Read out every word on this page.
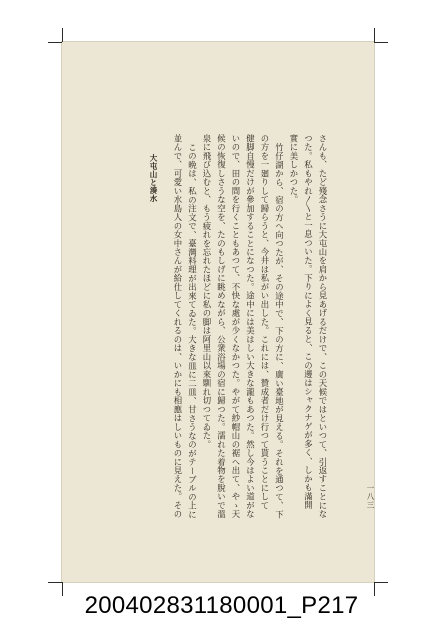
大屯山と湊水	さんも、たど殘念さうに大屯山を肩から見あげるだけで、この天候ではといつて、引返すことにな
つた。私もやれ〳〵と一息ついた。下りによく見ると、この邊はシャクナゲが多く、しかも滿開
實に美しかつた。
竹仔湖から、宿の方へ向つたが、その途中で、下の方に、廣い臺地が見える。それを通つて、下
の方を一廻りして歸らうと、今井は私がい出した。これには、贊成者だけ行つて貰うことにして
健脚自慢だけが參加することになつた。途中には美はしい大きな瀧もあつた。然し今はよい道がな
いので、田の間を行くこともあつて、不快な處が少くなかつた。やがて紗帽山の裾へ出て、やゝ天
候の恢復しさうな空を、たのもしげに眺めながら、公衆浴場の宿に歸つた。濡れた着物を脫いで溫
泉に飛び込むと、もう疲れを忘れたほどに私の脚は阿里山以來馴れ切つてゐた。
この晩は、私の注文で、臺灣料理が出來てゐた。大きな皿に二皿、甘さうなのがテーブルの上に
並んで、可愛い水島人の女中さんが給仕してくれるのは、いかにも相應はしいものに見えた。その	一八三
200402831180001_P217
